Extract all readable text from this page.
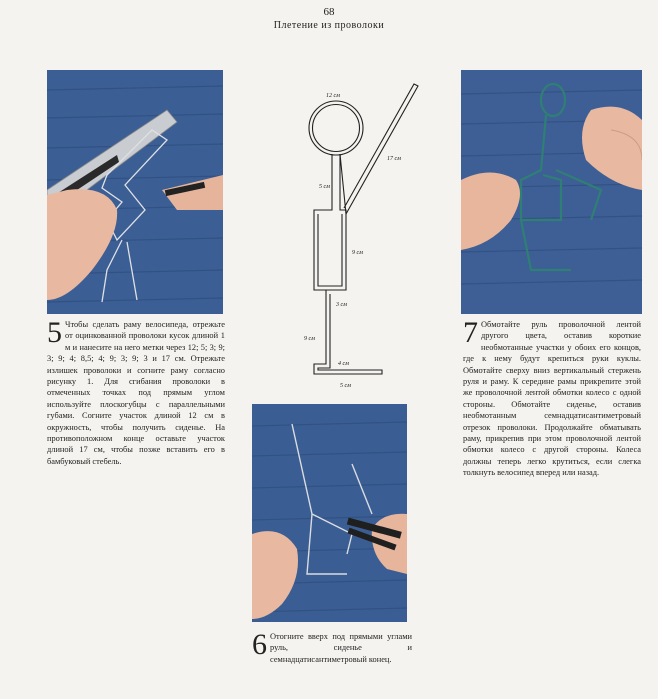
68
Плетение из проволоки
12 см
17 см
5 см
9 см
3 см
9 см
4 см
5 см
5 Чтобы сделать раму велосипеда, отрежьте от оцинкованной проволоки кусок длиной 1 м и нанесите на него метки через 12; 5; 3; 9; 3; 9; 4; 8,5; 4; 9; 3; 9; 3 и 17 см. Отрежьте излишек проволоки и согните раму согласно рисунку 1. Для сгибания проволоки в отмеченных точках под прямым углом используйте плоскогубцы с параллельными губами. Согните участок длиной 12 см в окружность, чтобы получить сиденье. На противоположном конце оставьте участок длиной 17 см, чтобы позже вставить его в бамбуковый стебель.
7 Обмотайте руль проволочной лентой другого цвета, оставив короткие необмотанные участки у обоих его концов, где к нему будут крепиться руки куклы. Обмотайте сверху вниз вертикальный стержень руля и раму. К середине рамы прикрепите этой же проволочной лентой обмотки колесо с одной стороны. Обмотайте сиденье, оставив необмотанным семнадцатисантиметровый отрезок проволоки. Продолжайте обматывать раму, прикрепив при этом проволочной лентой обмотки колесо с другой стороны. Колеса должны теперь легко крутиться, если слегка толкнуть велосипед вперед или назад.
6 Отогните вверх под прямыми углами руль, сиденье и семнадцатисантиметровый конец.
